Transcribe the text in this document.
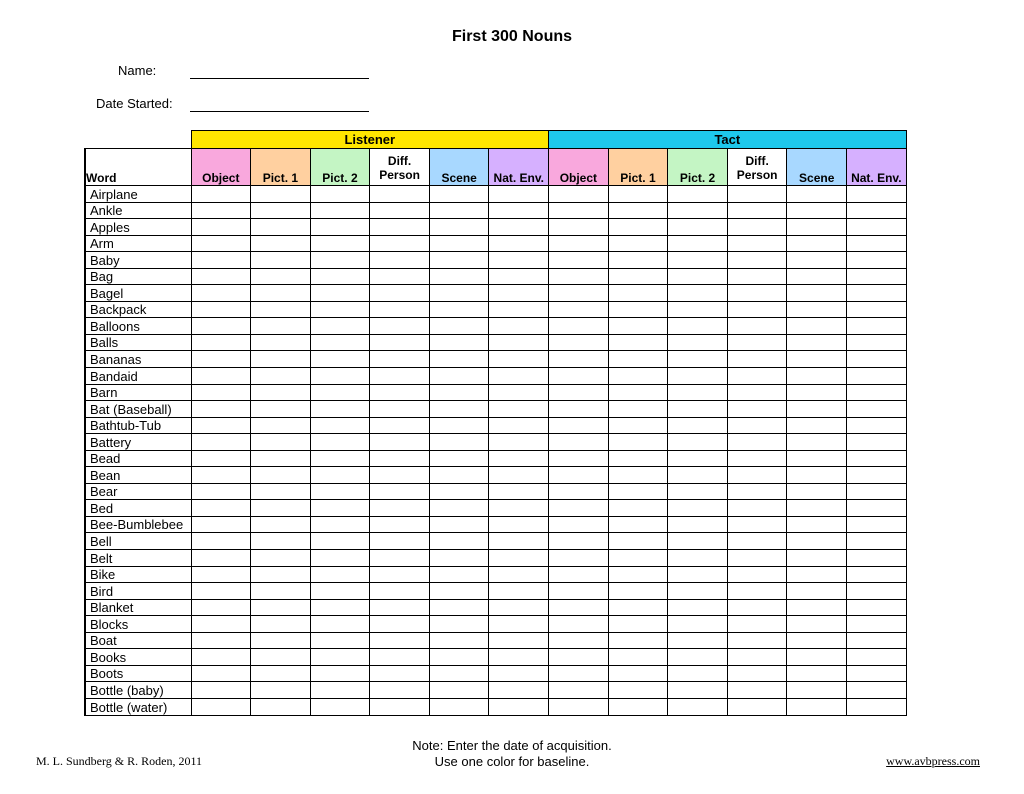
First 300 Nouns
Name:
Date Started:
	Listener						Tact					
Word	Object	Pict. 1	Pict. 2	Diff. Person	Scene	Nat. Env.	Object	Pict. 1	Pict. 2	Diff. Person	Scene	Nat. Env.
Airplane												
Ankle												
Apples												
Arm												
Baby												
Bag												
Bagel												
Backpack												
Balloons												
Balls												
Bananas												
Bandaid												
Barn												
Bat (Baseball)												
Bathtub-Tub												
Battery												
Bead												
Bean												
Bear												
Bed												
Bee-Bumblebee												
Bell												
Belt												
Bike												
Bird												
Blanket												
Blocks												
Boat												
Books												
Boots												
Bottle (baby)												
Bottle (water)												
M. L. Sundberg & R. Roden, 2011
Note: Enter the date of acquisition.
Use one color for baseline.	www.avbpress.com
